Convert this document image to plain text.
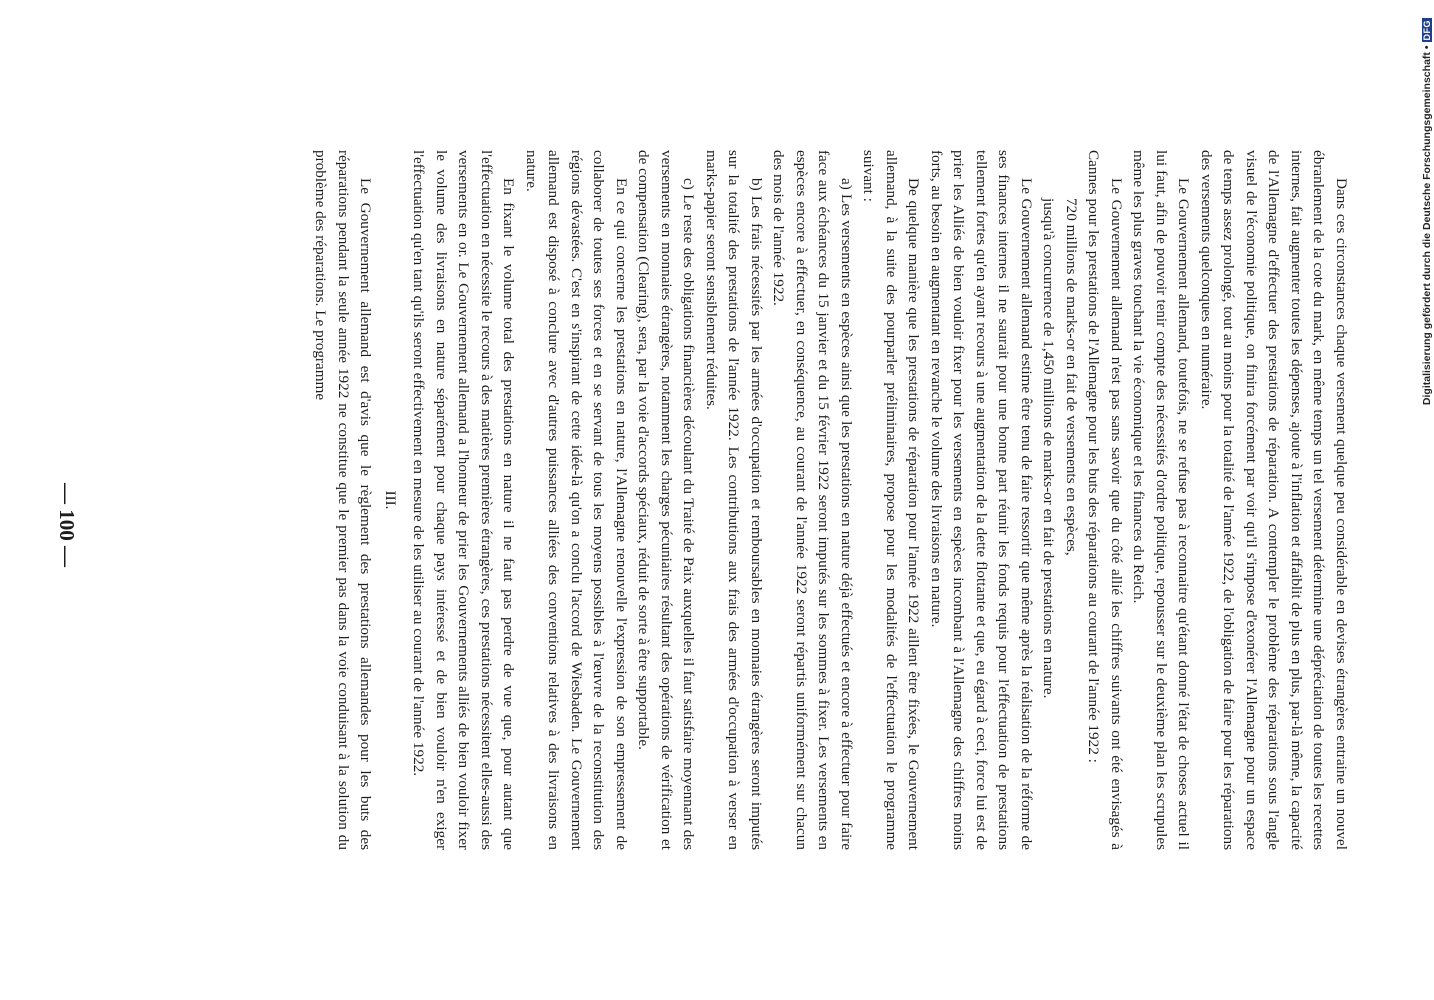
Dans ces circonstances chaque versement quelque peu considérable en devises étrangères entraine un nouvel ébranlement de la cote du mark, en même temps un tel versement détermine une dépréciation de toutes les recettes internes, fait augmenter toutes les dépenses, ajoute à l'inflation et affaiblit de plus en plus, par-là même, la capacité de l'Allemagne d'effectuer des prestations de réparation. A contempler le problème des réparations sous l'angle visuel de l'économie politique, on finira forcément par voir qu'il s'impose d'exonérer l'Allemagne pour un espace de temps assez prolongé, tout au moins pour la totalité de l'année 1922, de l'obligation de faire pour les réparations des versements quelconques en numéraire.

Le Gouvernement allemand, toutefois, ne se refuse pas à reconnaitre qu'étant donné l'état de choses actuel il lui faut, afin de pouvoir tenir compte des nécessités d'ordre politique, repousser sur le deuxième plan les scrupules même les plus graves touchant la vie économique et les finances du Reich.

Le Gouvernement allemand n'est pas sans savoir que du côté allié les chiffres suivants ont été envisagés à Cannes pour les prestations de l'Allemagne pour les buts des réparations au courant de l'année 1922 :

720 millions de marks-or en fait de versements en espèces,

jusqu'à concurrence de 1,450 millions de marks-or en fait de prestations en nature.

Le Gouvernement allemand estime être tenu de faire ressortir que même après la réalisation de la réforme de ses finances internes il ne saurait pour une bonne part réunir les fonds requis pour l'effectuation de prestations tellement fortes qu'en ayant recours à une augmentation de la dette flottante et que, eu égard à ceci, force lui est de prier les Alliés de bien vouloir fixer pour les versements en espèces incombant à l'Allemagne des chiffres moins forts, au besoin en augmentant en revanche le volume des livraisons en nature.

De quelque manière que les prestations de réparation pour l'année 1922 aillent être fixées, le Gouvernement allemand, à la suite des pourparler préliminaires, propose pour les modalités de l'effectuation le programme suivant :

a) Les versements en espèces ainsi que les prestations en nature déjà effectués et encore à effectuer pour faire face aux échéances du 15 janvier et du 15 février 1922 seront imputés sur les sommes à fixer. Les versements en espèces encore à effectuer, en conséquence, au courant de l'année 1922 seront répartis uniformément sur chacun des mois de l'année 1922.

b) Les frais nécessités par les armées d'occupation et remboursables en monnaies étrangères seront imputés sur la totalité des prestations de l'année 1922. Les contributions aux frais des armées d'occupation à verser en marks-papier seront sensiblement réduites.

c) Le reste des obligations financières découlant du Traité de Paix auxquelles il faut satisfaire moyennant des versements en monnaies étrangères, notamment les charges pécuniaires résultant des opérations de vérification et de compensation (Clearing), sera, par la voie d'accords spéciaux, réduit de sorte à être supportable.

En ce qui concerne les prestations en nature, l'Allemagne renouvelle l'expression de son empressement de collaborer de toutes ses forces et en se servant de tous les moyens possibles à l'œuvre de la reconstitution des régions dévastées. C'est en s'inspirant de cette idée-là qu'on a conclu l'accord de Wiesbaden. Le Gouvernement allemand est disposé à conclure avec d'autres puissances alliées des conventions relatives à des livraisons en nature.

En fixant le volume total des prestations en nature il ne faut pas perdre de vue que, pour autant que l'effectuation en nécessite le recours à des matières premières étrangères, ces prestations nécessitent elles-aussi des versements en or. Le Gouvernement allemand a l'honneur de prier les Gouvernements alliés de bien vouloir fixer le volume des livraisons en nature séparément pour chaque pays intéressé et de bien vouloir n'en exiger l'effectuation qu'en tant qu'ils seront effectivement en mesure de les utiliser au courant de l'année 1922.

III.

Le Gouvernement allemand est d'avis que le règlement des prestations allemandes pour les buts des réparations pendant la seule année 1922 ne constitue que le premier pas dans la voie conduisant à la solution du problème des réparations. Le programme

— 100 —
Digitalisierung gefördert durch die Deutsche Forschungsgemeinschaft •DFG
